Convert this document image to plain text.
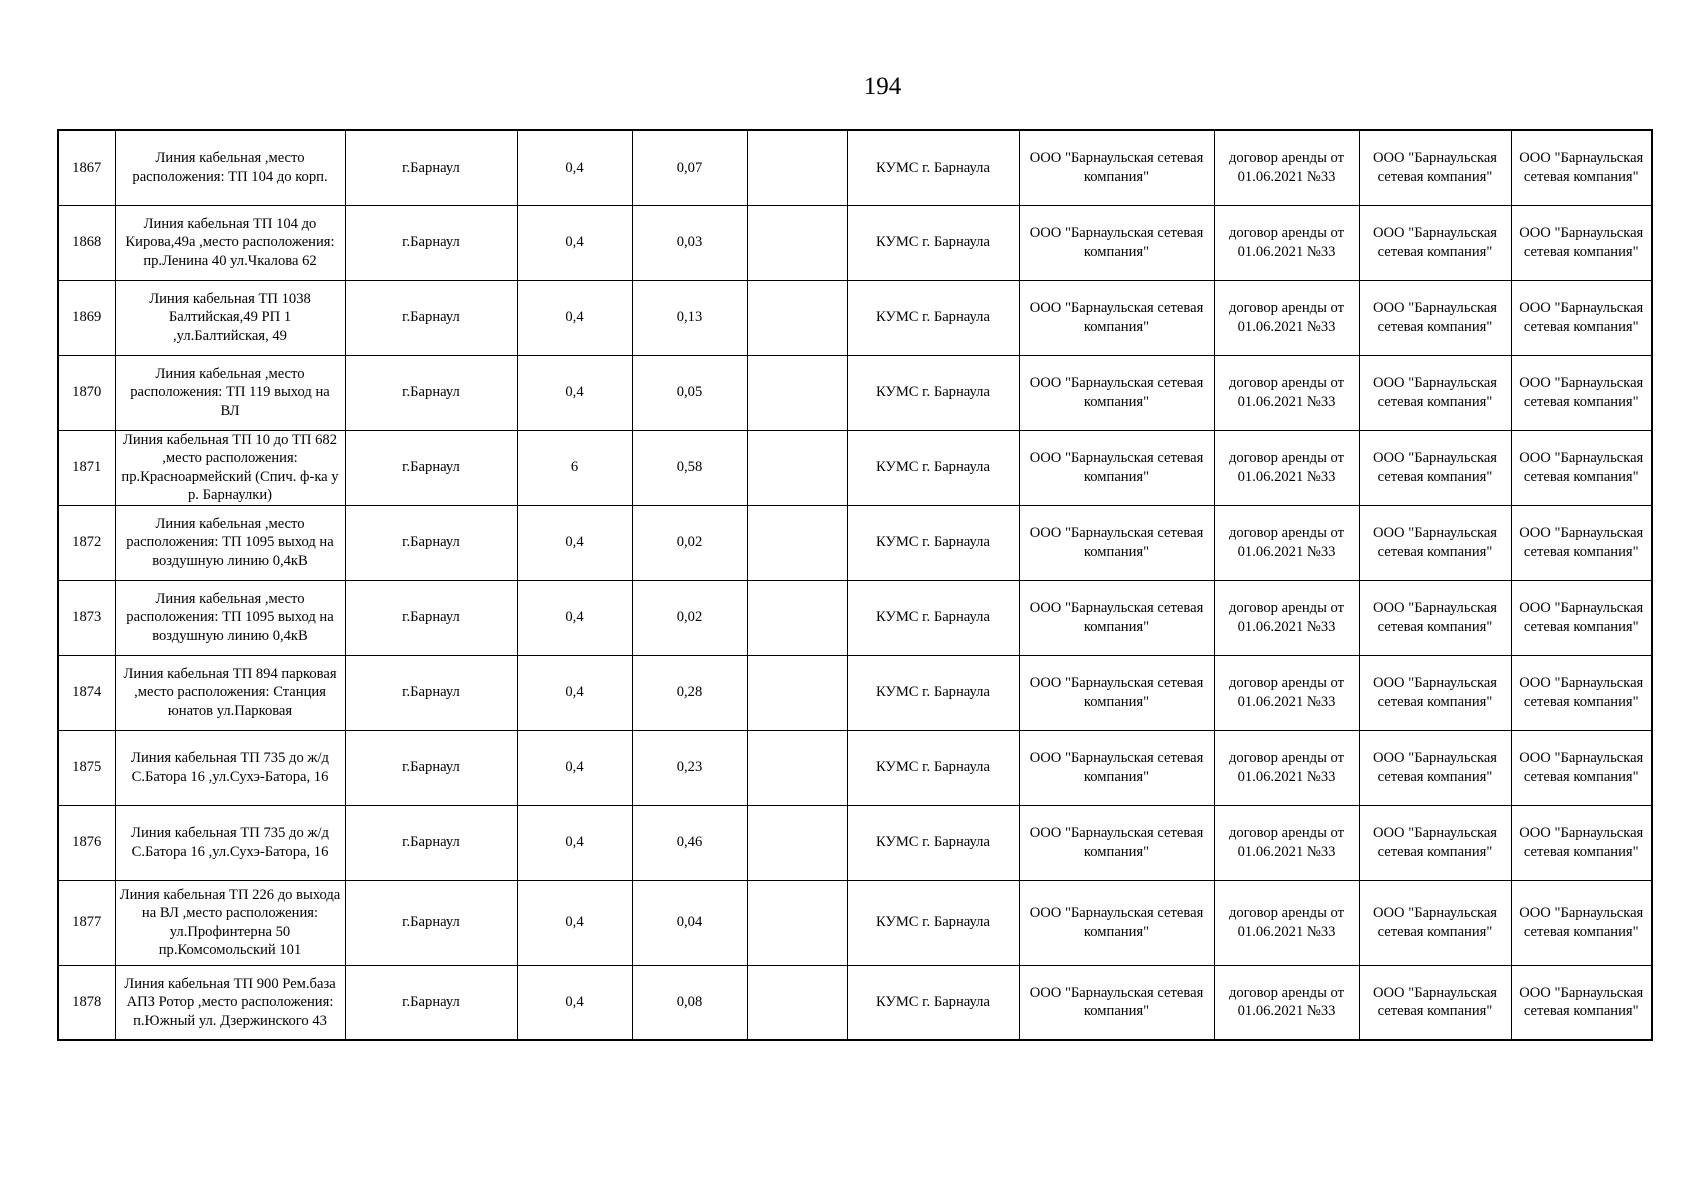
194
1867	Линия кабельная ,место расположения: ТП 104 до корп.	г.Барнаул	0,4	0,07		КУМС г. Барнаула	ООО "Барнаульская сетевая компания"	договор аренды от 01.06.2021 №33	ООО "Барнаульская сетевая компания"	ООО "Барнаульская сетевая компания"
1868	Линия кабельная ТП 104 до Кирова,49а ,место расположения: пр.Ленина 40 ул.Чкалова 62	г.Барнаул	0,4	0,03		КУМС г. Барнаула	ООО "Барнаульская сетевая компания"	договор аренды от 01.06.2021 №33	ООО "Барнаульская сетевая компания"	ООО "Барнаульская сетевая компания"
1869	Линия кабельная ТП 1038 Балтийская,49 РП 1 ,ул.Балтийская, 49	г.Барнаул	0,4	0,13		КУМС г. Барнаула	ООО "Барнаульская сетевая компания"	договор аренды от 01.06.2021 №33	ООО "Барнаульская сетевая компания"	ООО "Барнаульская сетевая компания"
1870	Линия кабельная ,место расположения: ТП 119 выход на ВЛ	г.Барнаул	0,4	0,05		КУМС г. Барнаула	ООО "Барнаульская сетевая компания"	договор аренды от 01.06.2021 №33	ООО "Барнаульская сетевая компания"	ООО "Барнаульская сетевая компания"
1871	Линия кабельная ТП 10 до ТП 682 ,место расположения: пр.Красноармейский (Спич. ф-ка у р. Барнаулки)	г.Барнаул	6	0,58		КУМС г. Барнаула	ООО "Барнаульская сетевая компания"	договор аренды от 01.06.2021 №33	ООО "Барнаульская сетевая компания"	ООО "Барнаульская сетевая компания"
1872	Линия кабельная ,место расположения: ТП 1095 выход на воздушную линию 0,4кВ	г.Барнаул	0,4	0,02		КУМС г. Барнаула	ООО "Барнаульская сетевая компания"	договор аренды от 01.06.2021 №33	ООО "Барнаульская сетевая компания"	ООО "Барнаульская сетевая компания"
1873	Линия кабельная ,место расположения: ТП 1095 выход на воздушную линию 0,4кВ	г.Барнаул	0,4	0,02		КУМС г. Барнаула	ООО "Барнаульская сетевая компания"	договор аренды от 01.06.2021 №33	ООО "Барнаульская сетевая компания"	ООО "Барнаульская сетевая компания"
1874	Линия кабельная ТП 894 парковая ,место расположения: Станция юнатов ул.Парковая	г.Барнаул	0,4	0,28		КУМС г. Барнаула	ООО "Барнаульская сетевая компания"	договор аренды от 01.06.2021 №33	ООО "Барнаульская сетевая компания"	ООО "Барнаульская сетевая компания"
1875	Линия кабельная ТП 735 до ж/д С.Батора 16 ,ул.Сухэ-Батора, 16	г.Барнаул	0,4	0,23		КУМС г. Барнаула	ООО "Барнаульская сетевая компания"	договор аренды от 01.06.2021 №33	ООО "Барнаульская сетевая компания"	ООО "Барнаульская сетевая компания"
1876	Линия кабельная ТП 735 до ж/д С.Батора 16 ,ул.Сухэ-Батора, 16	г.Барнаул	0,4	0,46		КУМС г. Барнаула	ООО "Барнаульская сетевая компания"	договор аренды от 01.06.2021 №33	ООО "Барнаульская сетевая компания"	ООО "Барнаульская сетевая компания"
1877	Линия кабельная ТП 226 до выхода на ВЛ ,место расположения: ул.Профинтерна 50 пр.Комсомольский 101	г.Барнаул	0,4	0,04		КУМС г. Барнаула	ООО "Барнаульская сетевая компания"	договор аренды от 01.06.2021 №33	ООО "Барнаульская сетевая компания"	ООО "Барнаульская сетевая компания"
1878	Линия кабельная ТП 900 Рем.база АПЗ Ротор ,место расположения: п.Южный ул. Дзержинского 43	г.Барнаул	0,4	0,08		КУМС г. Барнаула	ООО "Барнаульская сетевая компания"	договор аренды от 01.06.2021 №33	ООО "Барнаульская сетевая компания"	ООО "Барнаульская сетевая компания"
